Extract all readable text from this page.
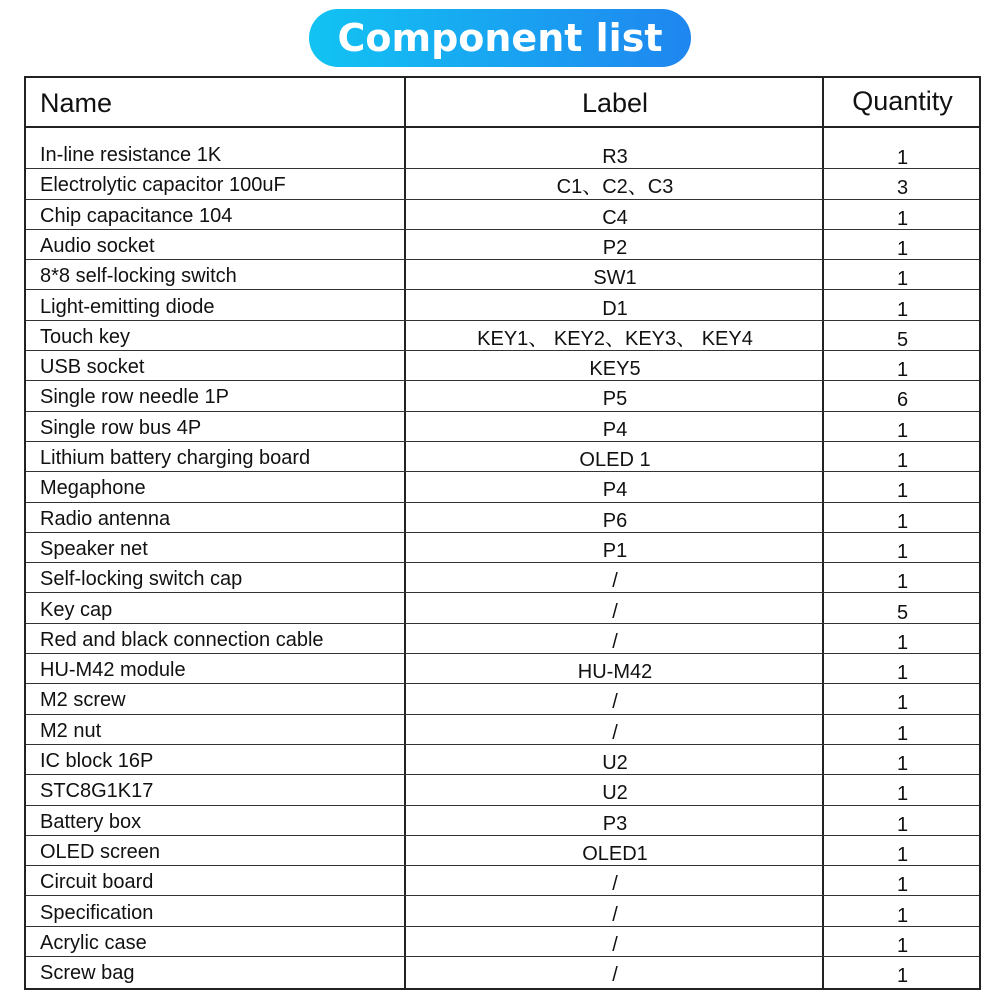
Component list
Name	Label	Quantity
In-line resistance 1K	R3	1
Electrolytic capacitor 100uF	C1、C2、C3	3
Chip capacitance 104	C4	1
Audio socket	P2	1
8*8 self-locking switch	SW1	1
Light-emitting diode	D1	1
Touch key	KEY1、 KEY2、KEY3、 KEY4	5
USB socket	KEY5	1
Single row needle 1P	P5	6
Single row bus 4P	P4	1
Lithium battery charging board	OLED 1	1
Megaphone	P4	1
Radio antenna	P6	1
Speaker net	P1	1
Self-locking switch cap	/	1
Key cap	/	5
Red and black connection cable	/	1
HU-M42 module	HU-M42	1
M2 screw	/	1
M2 nut	/	1
IC block 16P	U2	1
STC8G1K17	U2	1
Battery box	P3	1
OLED screen	OLED1	1
Circuit board	/	1
Specification	/	1
Acrylic case	/	1
Screw bag	/	1
